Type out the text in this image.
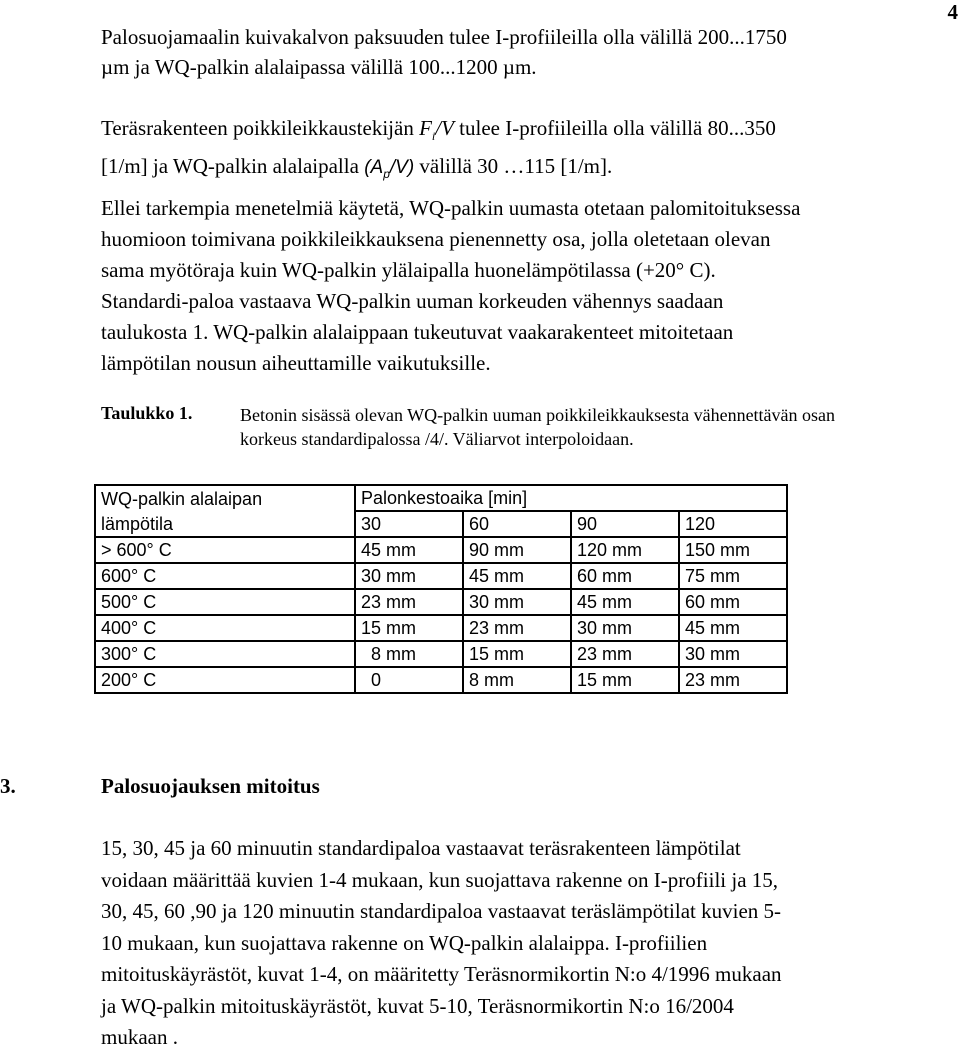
4

Palosuojamaalin kuivakalvon paksuuden tulee I-profiileilla olla välillä 200...1750
µm ja WQ-palkin alalaipassa välillä 100...1200 µm.

Teräsrakenteen poikkileikkaustekijän $F_i/V$ tulee I-profiileilla olla välillä 80...350
[1/m] ja WQ-palkin alalaipalla $(A_p/V)$ välillä 30 …115 [1/m].

Ellei tarkempia menetelmiä käytetä, WQ-palkin uumasta otetaan palomitoituksessa
huomioon toimivana poikkileikkauksena pienennetty osa, jolla oletetaan olevan
sama myötöraja kuin WQ-palkin ylälaipalla huonelämpötilassa (+20° C).
Standardi-paloa vastaava WQ-palkin uuman korkeuden vähennys saadaan
taulukosta 1. WQ-palkin alalaippaan tukeutuvat vaakarakenteet mitoitetaan
lämpötilan nousun aiheuttamille vaikutuksille.

Taulukko 1.	Betonin sisässä olevan WQ-palkin uuman poikkileikkauksesta vähennettävän osan
korkeus standardipalossa /4/. Väliarvot interpoloidaan.
WQ-palkin alalaipan	Palonkestoaika [min]			
lämpötila	30	60	90	120
> 600° C	45 mm	90 mm	120 mm	150 mm
600° C	30 mm	45 mm	60 mm	75 mm
500° C	23 mm	30 mm	45 mm	60 mm
400° C	15 mm	23 mm	30 mm	45 mm
300° C	8 mm	15 mm	23 mm	30 mm
200° C	0	8 mm	15 mm	23 mm
3.	Palosuojauksen mitoitus

15, 30, 45 ja 60 minuutin standardipaloa vastaavat teräsrakenteen lämpötilat
voidaan määrittää kuvien 1-4 mukaan, kun suojattava rakenne on I-profiili ja 15,
30, 45, 60 ,90 ja 120 minuutin standardipaloa vastaavat teräslämpötilat kuvien 5-
10 mukaan, kun suojattava rakenne on WQ-palkin alalaippa. I-profiilien
mitoituskäyrästöt, kuvat 1-4, on määritetty Teräsnormikortin N:o 4/1996 mukaan
ja WQ-palkin mitoituskäyrästöt, kuvat 5-10, Teräsnormikortin N:o 16/2004
mukaan .
